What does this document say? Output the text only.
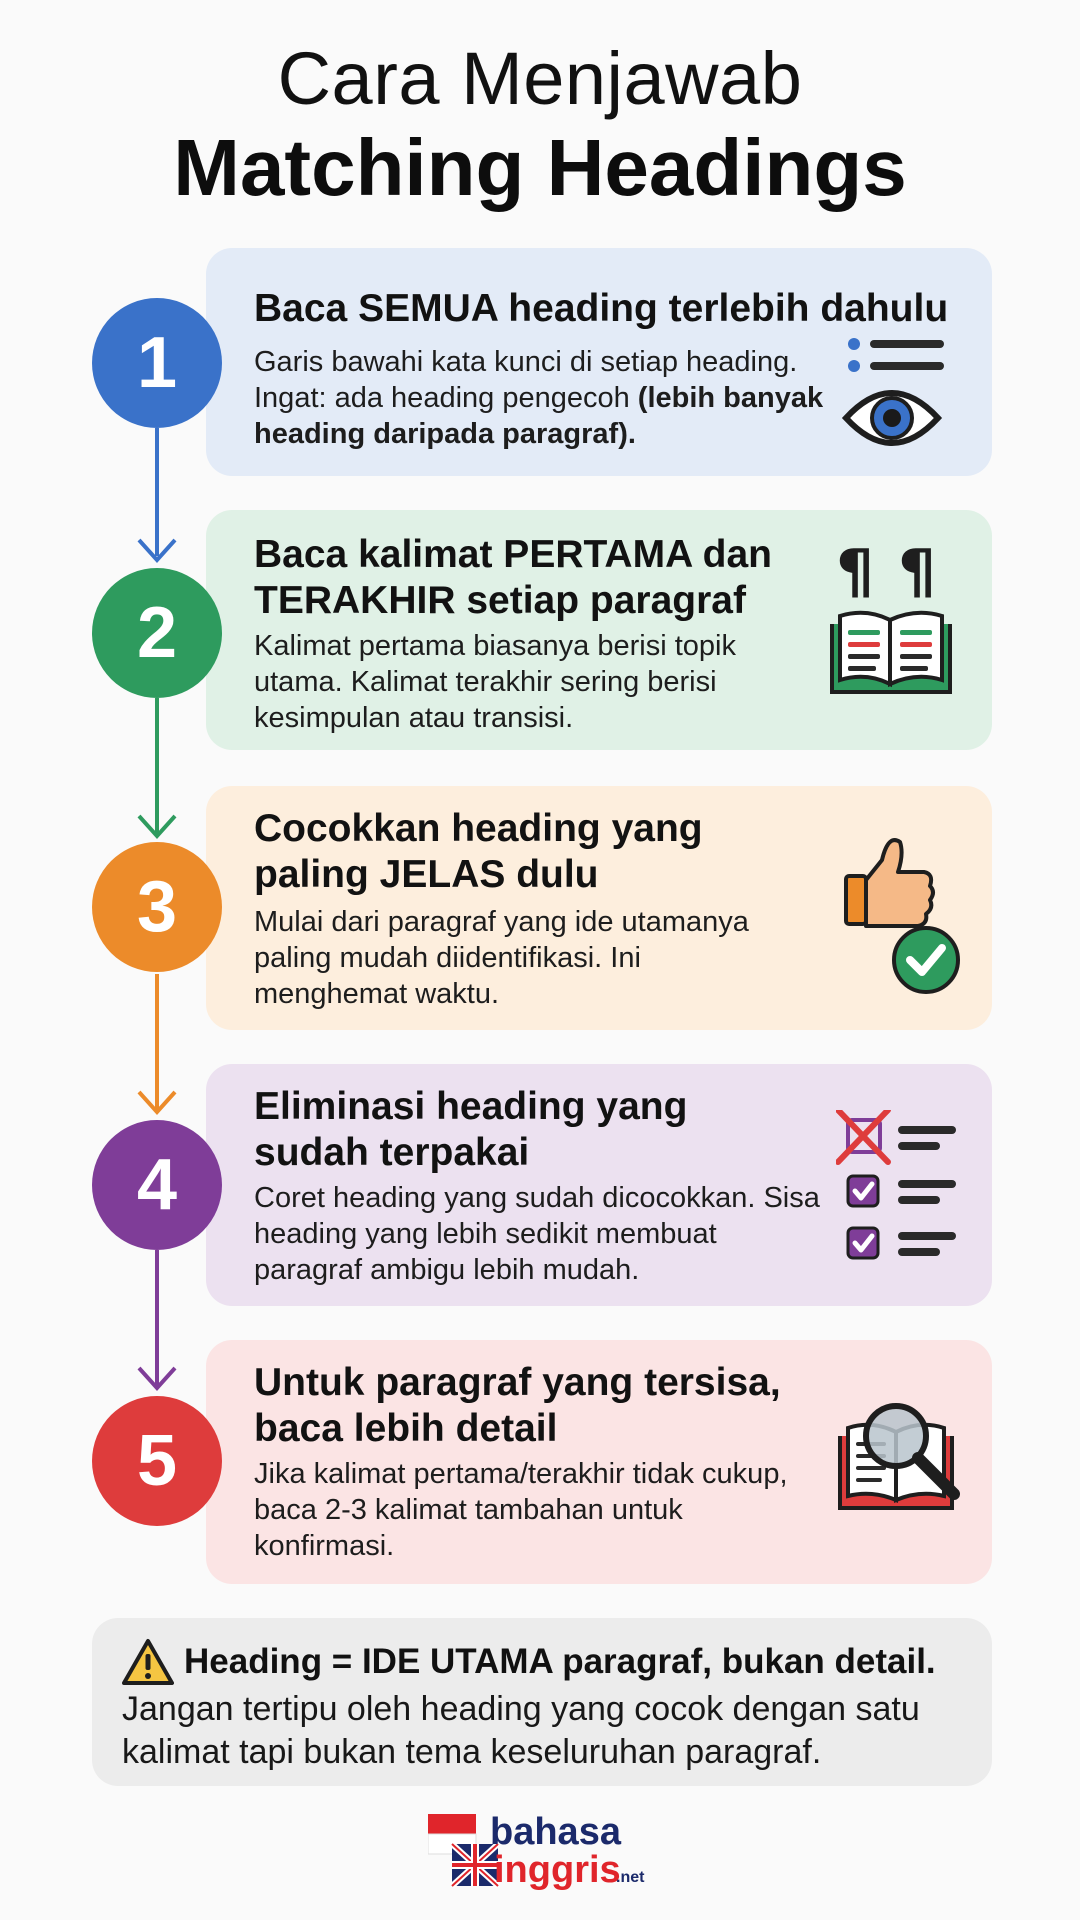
Cara Menjawab
Matching Headings
Baca SEMUA heading terlebih dahulu
Garis bawahi kata kunci di setiap heading. Ingat: ada heading pengecoh (lebih banyak heading daripada paragraf).
1
Baca kalimat PERTAMA dan TERAKHIR setiap paragraf
Kalimat pertama biasanya berisi topik utama. Kalimat terakhir sering berisi kesimpulan atau transisi.
¶ ¶
2
Cocokkan heading yang paling JELAS dulu
Mulai dari paragraf yang ide utamanya paling mudah diidentifikasi. Ini menghemat waktu.
3
Eliminasi heading yang sudah terpakai
Coret heading yang sudah dicocokkan. Sisa heading yang lebih sedikit membuat paragraf ambigu lebih mudah.
4
Untuk paragraf yang tersisa, baca lebih detail
Jika kalimat pertama/terakhir tidak cukup, baca 2-3 kalimat tambahan untuk konfirmasi.
5
Heading = IDE UTAMA paragraf, bukan detail.
Jangan tertipu oleh heading yang cocok dengan satu kalimat tapi bukan tema keseluruhan paragraf.
bahasa
inggris
.net
